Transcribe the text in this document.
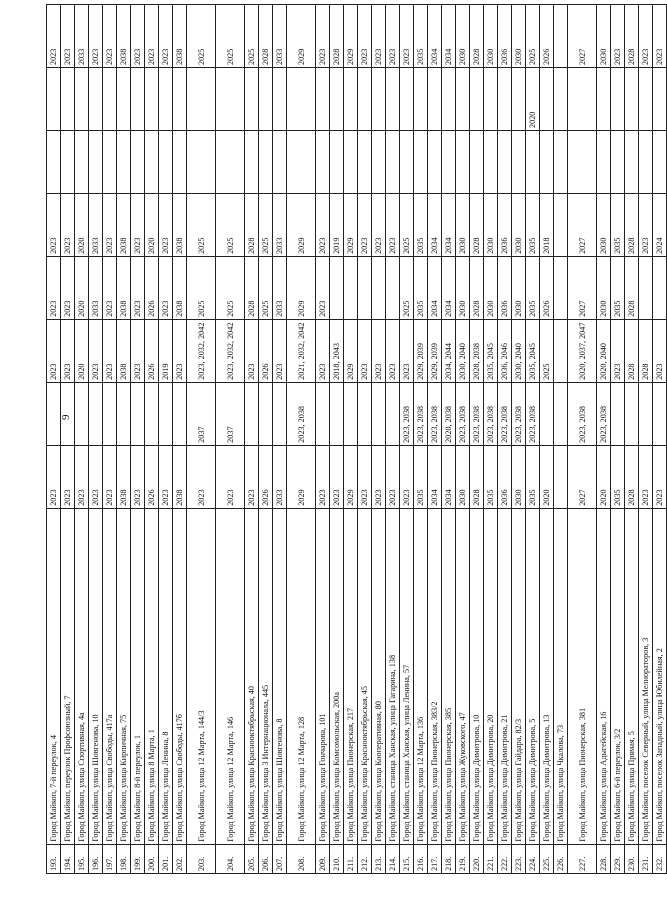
9
193.	Город Майкоп, 7-й переулок, 4	2023		2023	2023	2023			2023
194.	Город Майкоп, переулок Профсоюзный, 7	2023		2023	2023	2023			2023
195.	Город Майкоп, улица Спортивная, 4а	2023		2020	2020	2020			2033
196.	Город Майкоп, улица Шовгенова, 10	2023		2023	2033	2033			2023
197.	Город Майкоп, улица Свободы, 417а	2023		2023	2023	2023			2023
198.	Город Майкоп, улица Кирпичная, 75	2038		2038	2038	2038			2038
199.	Город Майкоп, 8-й переулок, 1	2023		2023	2023	2023			2023
200.	Город Майкоп, улица 8 Марта, 1	2026		2026	2026	2020			2023
201.	Город Майкоп, улица Ленина, 8	2023		2019	2023	2023			2023
202.	Город Майкоп, улица Свободы, 417б	2038		2023	2038	2038			2038
203.	Город Майкоп, улица 12 Марта, 144/3	2023	2037	2023, 2032, 2042	2025	2025			2025
204.	Город Майкоп, улица 12 Марта, 146	2023	2037	2023, 2032, 2042	2025	2025			2025
205.	Город Майкоп, улица Краснооктябрьская, 40	2023		2023	2028	2028			2025
206.	Город Майкоп, улица 3 Интернационала, 445	2026		2026	2025	2025			2028
207.	Город Майкоп, улица Шовгенова, 8	2033		2023	2033	2033			2033
208.	Город Майкоп, улица 12 Марта, 128	2029	2023, 2038	2021, 2032, 2042	2029	2029			2029
209.	Город Майкоп, улица Гончарова, 101	2023		2023	2023	2023			2023
210.	Город Майкоп, улица Комсомольская, 200а	2023		2018, 2043		2019			2028
211.	Город Майкоп, улица Пионерская, 217	2029		2029		2029			2029
212.	Город Майкоп, улица Краснооктябрьская, 45	2023		2023		2023			2023
213.	Город Майкоп, улица Кооперативная, 80	2023		2023		2023			2023
214.	Город Майкоп, станица Ханская, улица Гагарина, 138	2023		2023		2023			2023
215.	Город Майкоп, станица Ханская, улица Ленина, 57	2023	2023, 2038	2023	2025	2025			2023
216.	Город Майкоп, улица 12 Марта, 136	2035	2023, 2038	2029, 2039	2035	2035			2035
217.	Город Майкоп, улица Пионерская, 383/2	2034	2023, 2038	2029, 2039	2034	2034			2034
218.	Город Майкоп, улица Пионерская, 385	2034	2020, 2038	2034, 2044	2034	2034			2034
219.	Город Майкоп, улица Жуковского, 47	2030	2023, 2038	2030, 2040	2030	2030			2030
220.	Город Майкоп, улица Димитрова, 10	2028	2023, 2038	2028, 2038	2028	2028			2028
221.	Город Майкоп, улица Димитрова, 20	2035	2023, 2038	2035, 2045	2030	2030			2030
222.	Город Майкоп, улица Димитрова, 21	2036	2023, 2038	2036, 2046	2036	2036			2036
223.	Город Майкоп, улица Гайдара, 82/3	2030	2023, 2038	2030, 2040	2030	2030			2030
224.	Город Майкоп, улица Димитрова, 5	2035	2023, 2038	2035, 2045	2035	2035		2020	2025
225.	Город Майкоп, улица Димитрова, 13	2020		2025	2026	2018			2026
226.	Город Майкоп, улица Чкалова, 73								
227.	Город Майкоп, улица Пионерская, 381	2027	2023, 2038	2020, 2037, 2047	2027	2027			2027
228.	Город Майкоп, улица Адыгейская, 16	2020	2023, 2038	2020, 2040	2030	2030			2030
229.	Город Майкоп, 6-й переулок, 3/2	2035		2023	2035	2035			2023
230.	Город Майкоп, улица Прямая, 5	2028		2028	2028	2028			2028
231.	Город Майкоп, поселок Северный, улица Мелиораторов, 3	2023		2028		2023			2023
232.	Город Майкоп, поселок Западный, улица Юбилейная, 2	2023		2023		2024			2023
